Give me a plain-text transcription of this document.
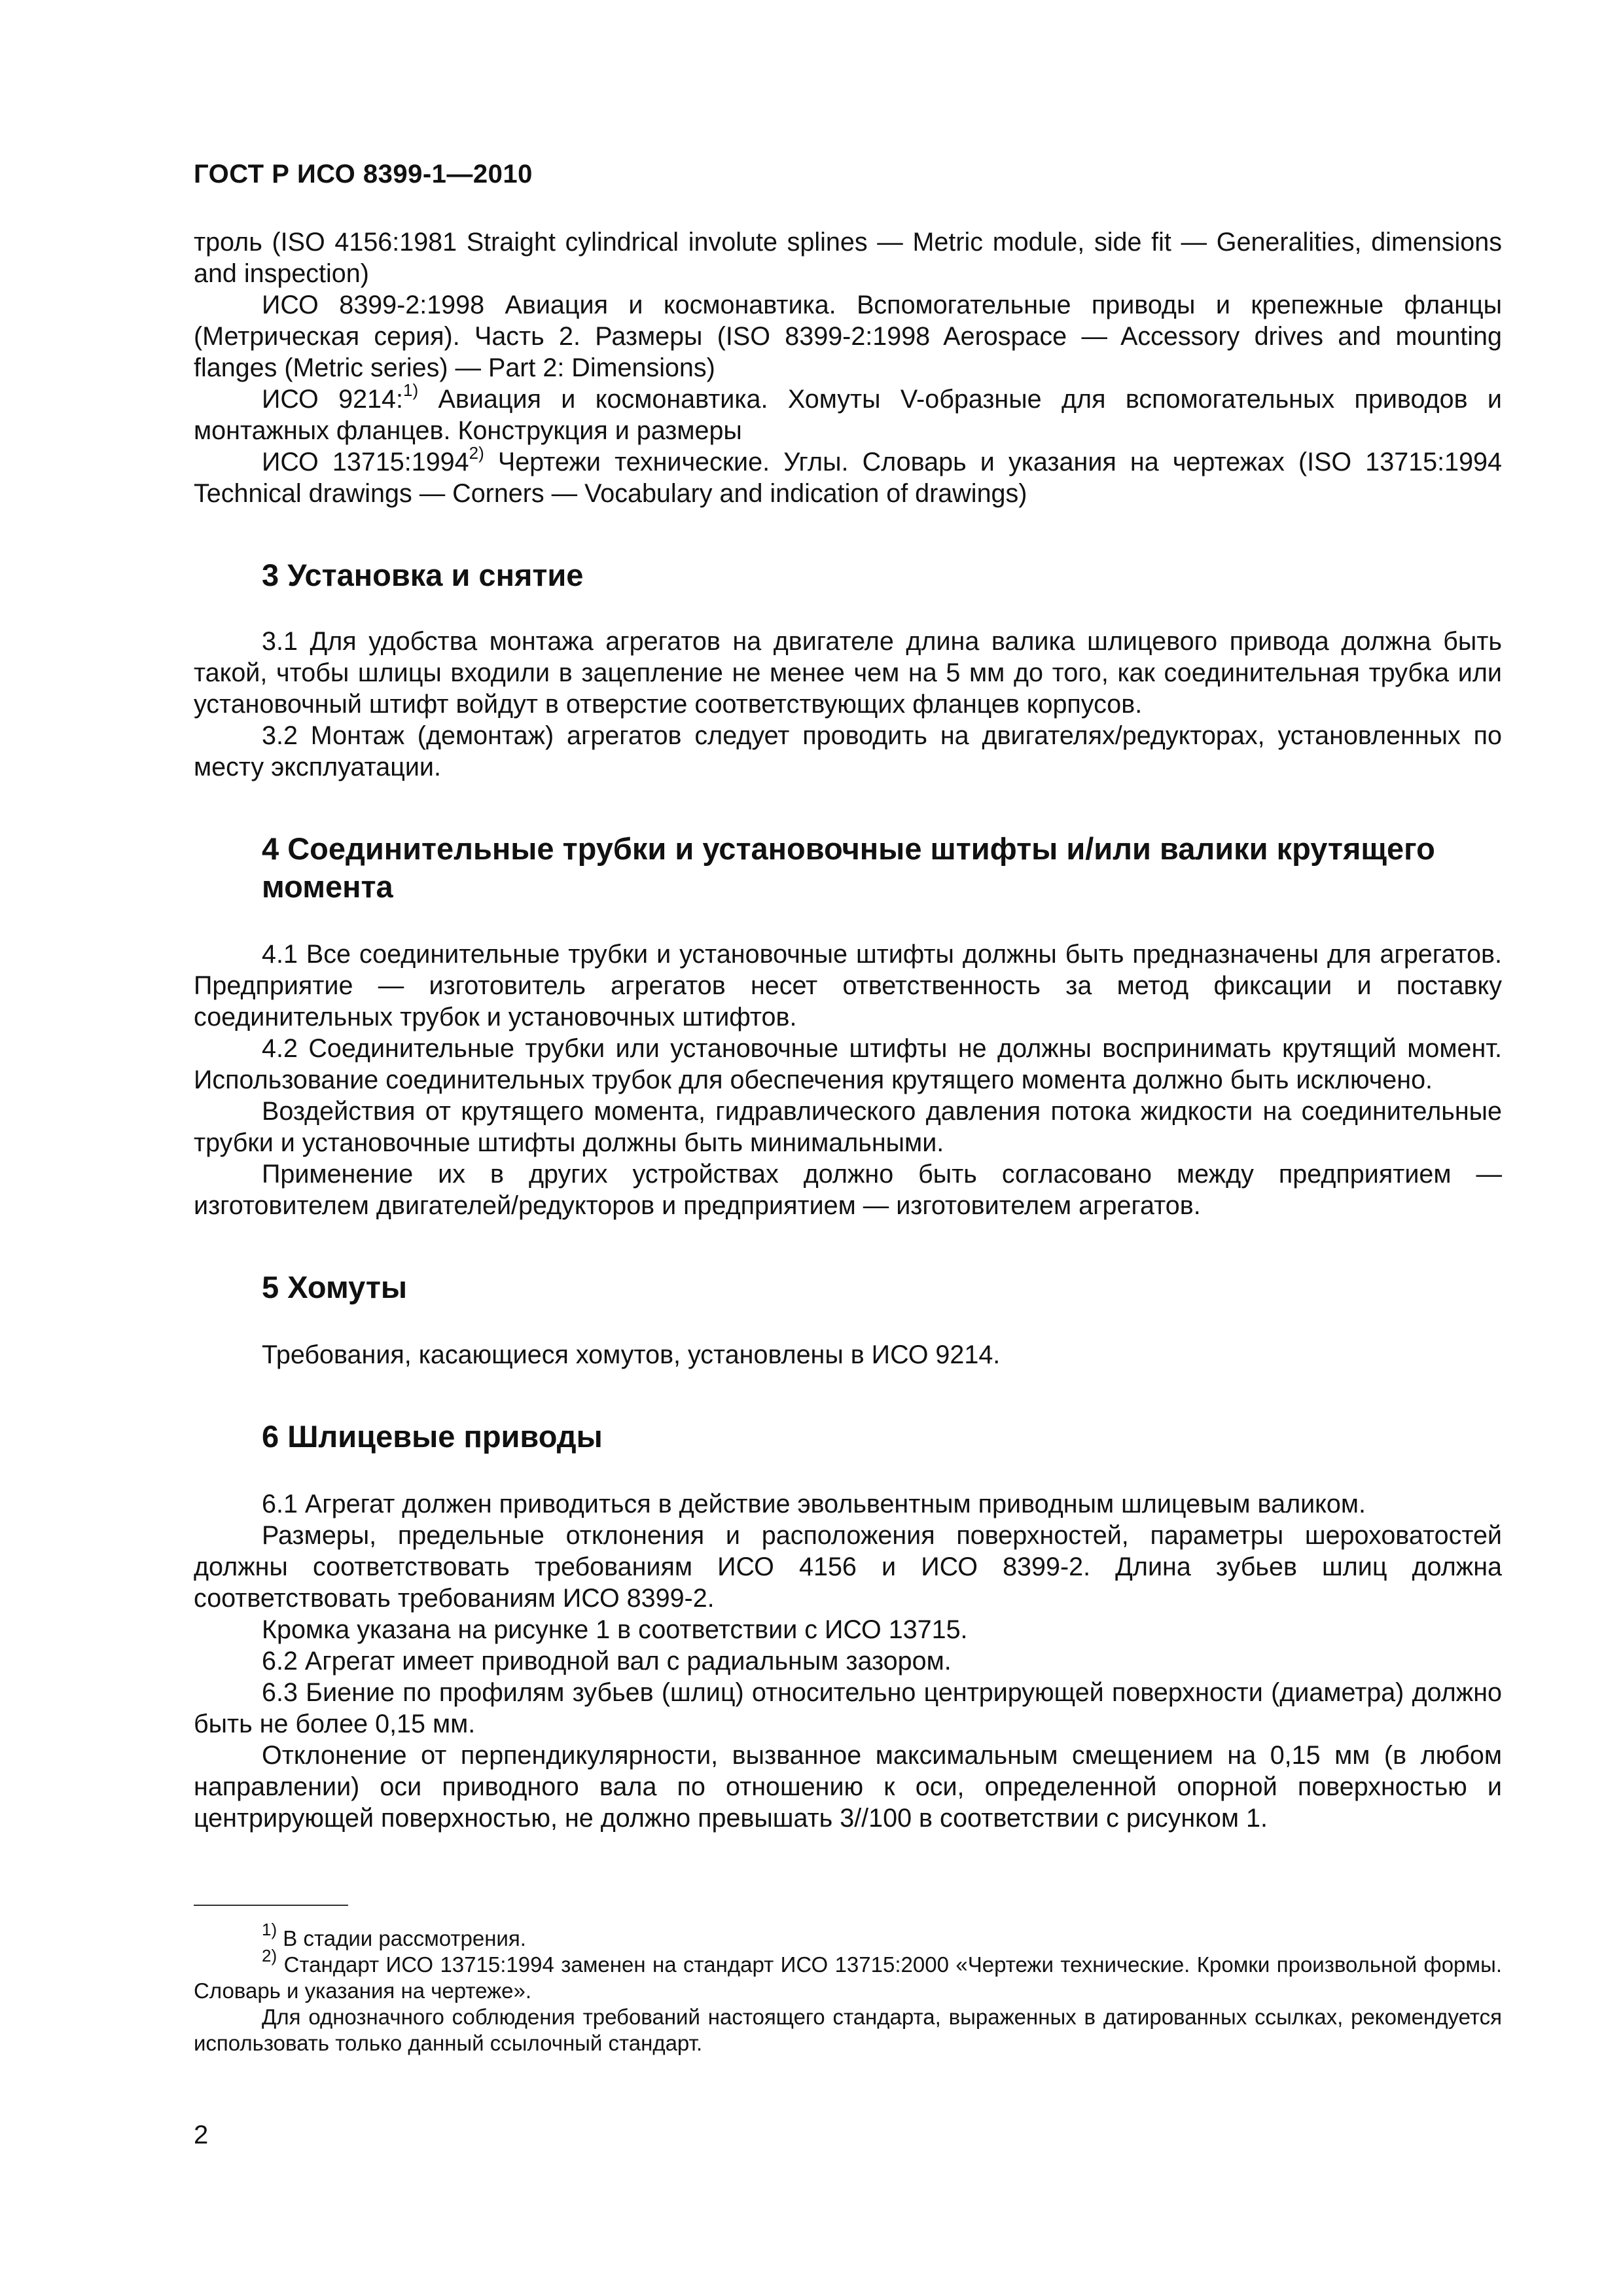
ГОСТ Р ИСО 8399-1—2010

троль (ISO 4156:1981 Straight cylindrical involute splines — Metric module, side fit — Generalities, dimensions and inspection)

ИСО 8399-2:1998 Авиация и космонавтика. Вспомогательные приводы и крепежные фланцы (Метрическая серия). Часть 2. Размеры (ISO 8399-2:1998 Aerospace — Accessory drives and mounting flanges (Metric series) — Part 2: Dimensions)

ИСО 9214:$^{1)}$ Авиация и космонавтика. Хомуты V-образные для вспомогательных приводов и монтажных фланцев. Конструкция и размеры

ИСО 13715:1994$^{2)}$ Чертежи технические. Углы. Словарь и указания на чертежах (ISO 13715:1994 Technical drawings — Corners — Vocabulary and indication of drawings)

3 Установка и снятие

3.1 Для удобства монтажа агрегатов на двигателе длина валика шлицевого привода должна быть такой, чтобы шлицы входили в зацепление не менее чем на 5 мм до того, как соединительная трубка или установочный штифт войдут в отверстие соответствующих фланцев корпусов.

3.2 Монтаж (демонтаж) агрегатов следует проводить на двигателях/редукторах, установленных по месту эксплуатации.

4 Соединительные трубки и установочные штифты и/или валики крутящего момента

4.1 Все соединительные трубки и установочные штифты должны быть предназначены для агрегатов. Предприятие — изготовитель агрегатов несет ответственность за метод фиксации и поставку соединительных трубок и установочных штифтов.

4.2 Соединительные трубки или установочные штифты не должны воспринимать крутящий момент. Использование соединительных трубок для обеспечения крутящего момента должно быть исключено.

Воздействия от крутящего момента, гидравлического давления потока жидкости на соединительные трубки и установочные штифты должны быть минимальными.

Применение их в других устройствах должно быть согласовано между предприятием — изготовителем двигателей/редукторов и предприятием — изготовителем агрегатов.

5 Хомуты

Требования, касающиеся хомутов, установлены в ИСО 9214.

6 Шлицевые приводы

6.1 Агрегат должен приводиться в действие эвольвентным приводным шлицевым валиком.

Размеры, предельные отклонения и расположения поверхностей, параметры шероховатостей должны соответствовать требованиям ИСО 4156 и ИСО 8399-2. Длина зубьев шлиц должна соответствовать требованиям ИСО 8399-2.

Кромка указана на рисунке 1 в соответствии с ИСО 13715.

6.2 Агрегат имеет приводной вал с радиальным зазором.

6.3 Биение по профилям зубьев (шлиц) относительно центрирующей поверхности (диаметра) должно быть не более 0,15 мм.

Отклонение от перпендикулярности, вызванное максимальным смещением на 0,15 мм (в любом направлении) оси приводного вала по отношению к оси, определенной опорной поверхностью и центрирующей поверхностью, не должно превышать 3//100 в соответствии с рисунком 1.

$^{1)}$ В стадии рассмотрения.

$^{2)}$ Стандарт ИСО 13715:1994 заменен на стандарт ИСО 13715:2000 «Чертежи технические. Кромки произвольной формы. Словарь и указания на чертеже».

Для однозначного соблюдения требований настоящего стандарта, выраженных в датированных ссылках, рекомендуется использовать только данный ссылочный стандарт.

2
